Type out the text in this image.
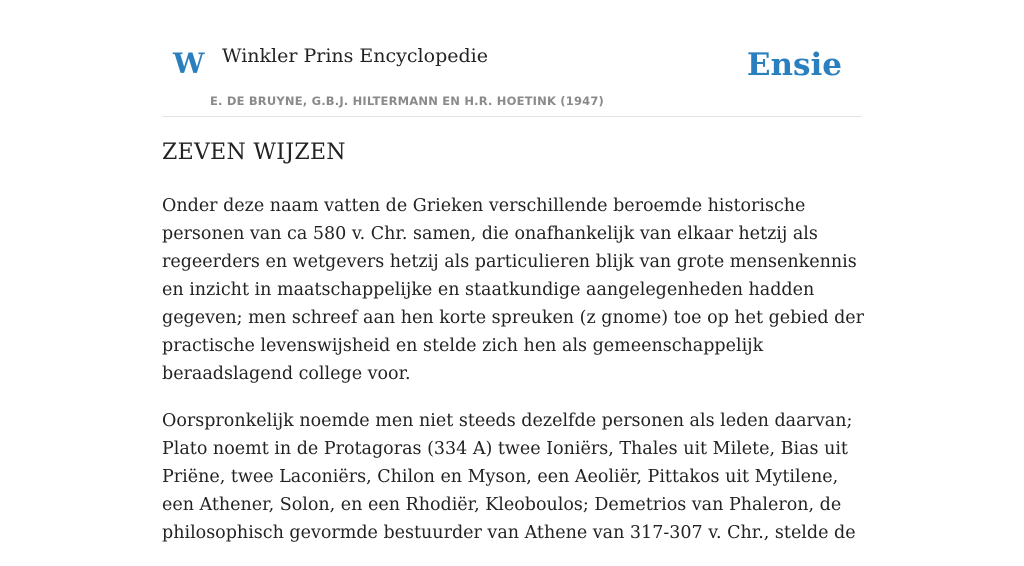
W Winkler Prins Encyclopedie
E. DE BRUYNE, G.B.J. HILTERMANN EN H.R. HOETINK (1947)
Ensie
ZEVEN WIJZEN

Onder deze naam vatten de Grieken verschillende beroemde historische personen van ca 580 v. Chr. samen, die onafhankelijk van elkaar hetzij als regeerders en wetgevers hetzij als particulieren blijk van grote mensenkennis en inzicht in maatschappelijke en staatkundige aangelegenheden hadden gegeven; men schreef aan hen korte spreuken (z gnome) toe op het gebied der practische levenswijsheid en stelde zich hen als gemeenschappelijk beraadslagend college voor.

Oorspronkelijk noemde men niet steeds dezelfde personen als leden daarvan; Plato noemt in de Protagoras (334 A) twee Ioniërs, Thales uit Milete, Bias uit Priëne, twee Laconiërs, Chilon en Myson, een Aeoliër, Pittakos uit Mytilene, een Athener, Solon, en een Rhodiër, Kleoboulos; Demetrios van Phaleron, de philosophisch gevormde bestuurder van Athene van 317-307 v. Chr., stelde de
